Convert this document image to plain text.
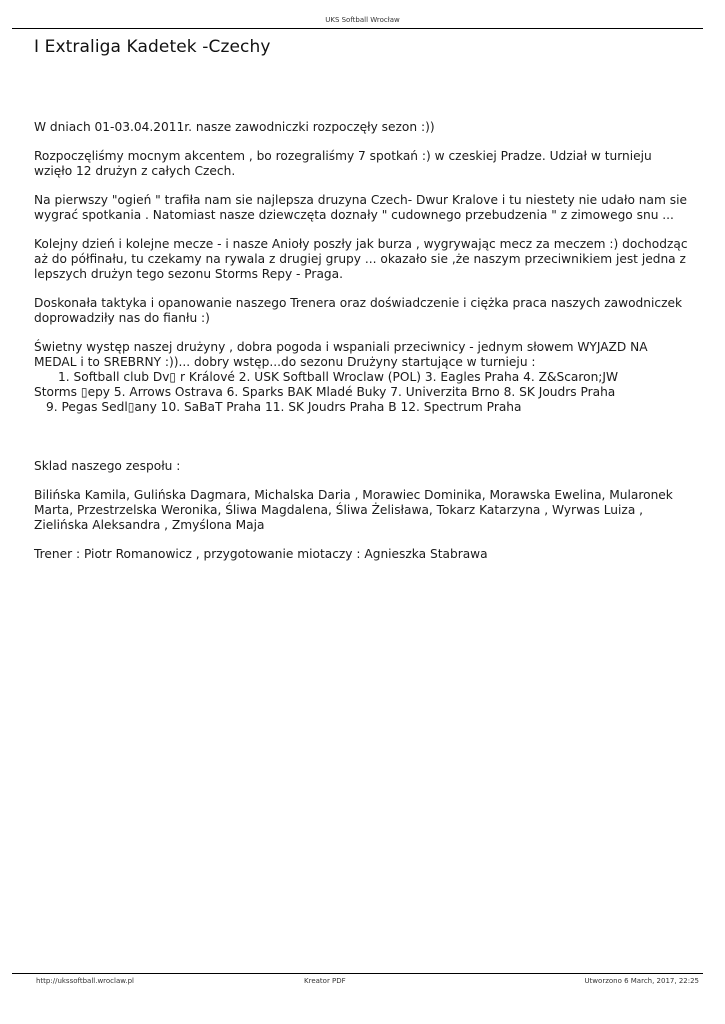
UKS Softball Wrocław
I Extraliga Kadetek -Czechy

W dniach 01-03.04.2011r. nasze zawodniczki rozpoczęły sezon :))

Rozpoczęliśmy mocnym akcentem , bo rozegraliśmy 7 spotkań :) w czeskiej Pradze. Udział w turnieju wzięło 12 drużyn z całych Czech.

Na pierwszy "ogień " trafiła nam sie najlepsza druzyna Czech- Dwur Kralove i tu niestety nie udało nam sie wygrać spotkania . Natomiast nasze dziewczęta doznały " cudownego przebudzenia " z zimowego snu ...

Kolejny dzień i kolejne mecze - i nasze Anioły poszły jak burza , wygrywając mecz za meczem :) dochodząc aż do półfinału, tu czekamy na rywala z drugiej grupy ... okazało sie ,że naszym przeciwnikiem jest jedna z lepszych drużyn tego sezonu Storms Repy - Praga.

Doskonała taktyka i opanowanie naszego Trenera oraz doświadczenie i ciężka praca naszych zawodniczek doprowadziły nas do fianłu :)

Świetny występ naszej drużyny , dobra pogoda i wspaniali przeciwnicy - jednym słowem WYJAZD NA MEDAL i to SREBRNY :))... dobry wstęp...do sezonu Drużyny startujące w turnieju :
1. Softball club Dv▯ r Králové 2. USK Softball Wroclaw (POL) 3. Eagles Praha 4. Z&Scaron;JW
Storms ▯epy 5. Arrows Ostrava 6. Sparks BAK Mladé Buky 7. Univerzita Brno 8. SK Joudrs Praha
9. Pegas Sedl▯any 10. SaBaT Praha 11. SK Joudrs Praha B 12. Spectrum Praha

Sklad naszego zespołu :

Bilińska Kamila, Gulińska Dagmara, Michalska Daria , Morawiec Dominika, Morawska Ewelina, Mularonek Marta, Przestrzelska Weronika, Śliwa Magdalena, Śliwa Żelisława, Tokarz Katarzyna , Wyrwas Luiza , Zielińska Aleksandra , Zmyślona Maja

Trener : Piotr Romanowicz , przygotowanie miotaczy : Agnieszka Stabrawa

http://ukssoftball.wroclaw.pl	Kreator PDF	Utworzono 6 March, 2017, 22:25
